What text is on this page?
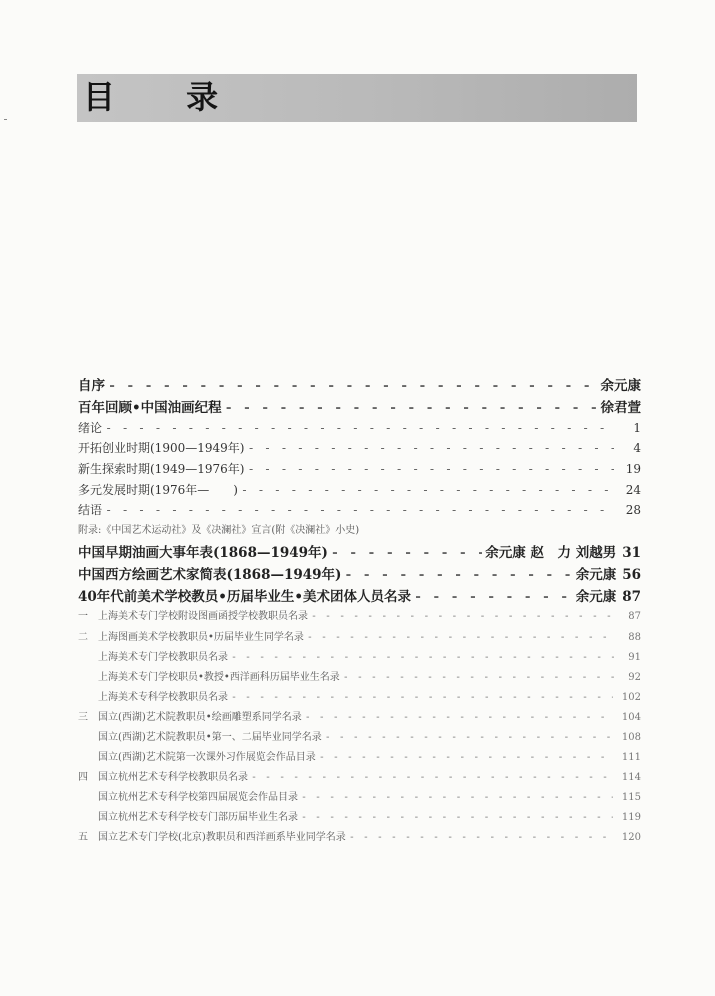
目 录
自序 - - -	余元康
百年回顾•中国油画纪程 - - -	徐君萱
绪论 - - -	1
开拓创业时期(1900—1949年) - - -	4
新生探索时期(1949—1976年) - - -	19
多元发展时期(1976年—　　) - - -	24
结语 - - -	28
附录:《中国艺术运动社》及《决澜社》宣言(附《决澜社》小史)
中国早期油画大事年表(1868—1949年) - - -	余元康 赵　力 刘越男 31
中国西方绘画艺术家简表(1868—1949年) - - -	余元康 56
40年代前美术学校教员•历届毕业生•美术团体人员名录 - - -	余元康 87
一　上海美术专门学校附设图画函授学校教职员名录 - - -	87
二　上海图画美术学校教职员•历届毕业生同学名录 - - -	88
上海美术专门学校教职员名录 - - -	91
上海美术专门学校职员•教授•西洋画科历届毕业生名录 - - -	92
上海美术专科学校教职员名录 - - -	102
三　国立(西湖)艺术院教职员•绘画雕塑系同学名录 - - -	104
国立(西湖)艺术院教职员•第一、二届毕业同学名录 - - -	108
国立(西湖)艺术院第一次课外习作展览会作品目录 - - -	111
四　国立杭州艺术专科学校教职员名录 - - -	114
国立杭州艺术专科学校第四届展览会作品目录 - - -	115
国立杭州艺术专科学校专门部历届毕业生名录 - - -	119
五　国立艺术专门学校(北京)教职员和西洋画系毕业同学名录 - - -	120
